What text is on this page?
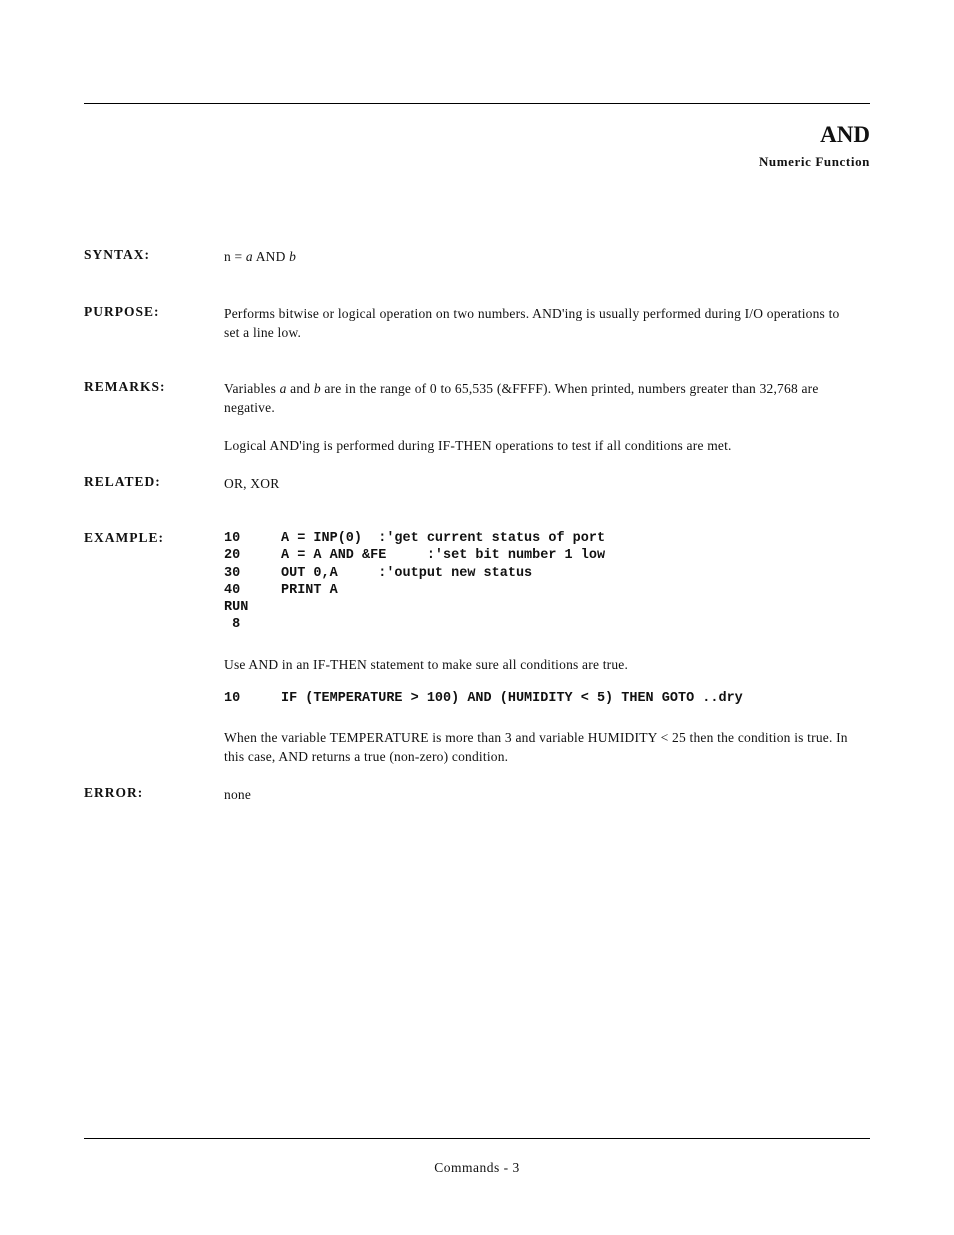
AND
Numeric Function
SYNTAX:	n = a AND b
PURPOSE:	Performs bitwise or logical operation on two numbers. AND'ing is usually performed during I/O operations to set a line low.

REMARKS:	Variables a and b are in the range of 0 to 65,535 (&FFFF). When printed, numbers greater than 32,768 are negative.

Logical AND'ing is performed during IF-THEN operations to test if all conditions are met.

RELATED:	OR, XOR
EXAMPLE:	10	A = INP(0) :'get current status of port
20	A = A AND &FE :'set bit number 1 low
30	OUT 0,A :'output new status
40	PRINT A
RUN
8
Use AND in an IF-THEN statement to make sure all conditions are true.
10	IF (TEMPERATURE > 100) AND (HUMIDITY < 5) THEN GOTO ..dry
When the variable TEMPERATURE is more than 3 and variable HUMIDITY < 25 then the condition is true. In this case, AND returns a true (non-zero) condition.
ERROR:	none
Commands - 3
